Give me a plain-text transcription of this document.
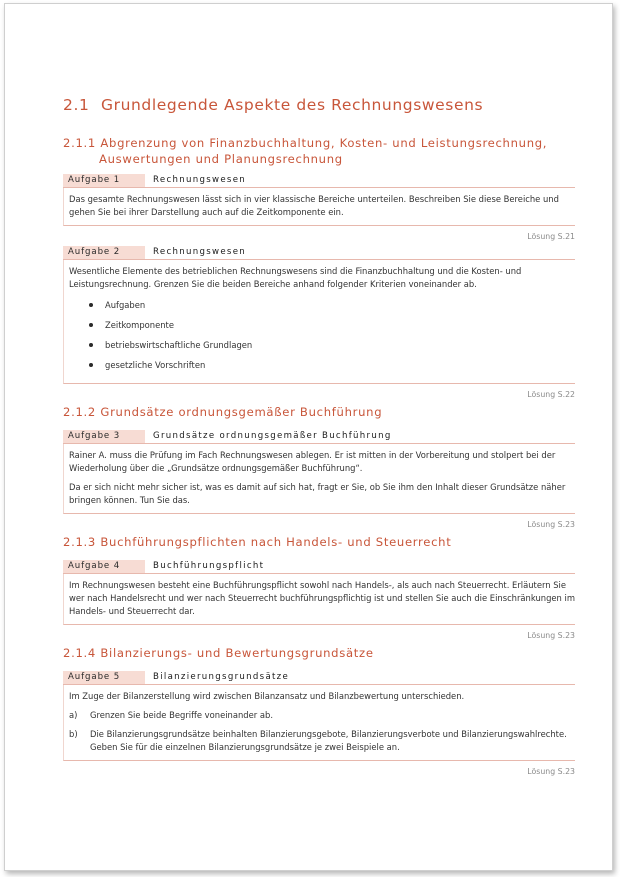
2.1 Grundlegende Aspekte des Rechnungswesens
2.1.1 Abgrenzung von Finanzbuchhaltung, Kosten- und Leistungsrechnung,
Auswertungen und Planungsrechnung
Aufgabe 1	Rechnungswesen

Das gesamte Rechnungswesen lässt sich in vier klassische Bereiche unterteilen. Beschreiben Sie diese Bereiche und gehen Sie bei ihrer Darstellung auch auf die Zeitkomponente ein.

Lösung S.21
Aufgabe 2	Rechnungswesen

Wesentliche Elemente des betrieblichen Rechnungswesens sind die Finanzbuchhaltung und die Kosten- und Leistungsrechnung. Grenzen Sie die beiden Bereiche anhand folgender Kriterien voneinander ab.

Aufgaben
Zeitkomponente
betriebswirtschaftliche Grundlagen
gesetzliche Vorschriften
Lösung S.22
2.1.2 Grundsätze ordnungsgemäßer Buchführung
Aufgabe 3	Grundsätze ordnungsgemäßer Buchführung

Rainer A. muss die Prüfung im Fach Rechnungswesen ablegen. Er ist mitten in der Vorbereitung und stolpert bei der Wiederholung über die „Grundsätze ordnungsgemäßer Buchführung“.

Da er sich nicht mehr sicher ist, was es damit auf sich hat, fragt er Sie, ob Sie ihm den Inhalt dieser Grundsätze näher bringen können. Tun Sie das.

Lösung S.23
2.1.3 Buchführungspflichten nach Handels- und Steuerrecht
Aufgabe 4	Buchführungspflicht

Im Rechnungswesen besteht eine Buchführungspflicht sowohl nach Handels-, als auch nach Steuerrecht. Erläutern Sie wer nach Handelsrecht und wer nach Steuerrecht buchführungspflichtig ist und stellen Sie auch die Einschränkungen im Handels- und Steuerrecht dar.

Lösung S.23
2.1.4 Bilanzierungs- und Bewertungsgrundsätze
Aufgabe 5	Bilanzierungsgrundsätze

Im Zuge der Bilanzerstellung wird zwischen Bilanzansatz und Bilanzbewertung unterschieden.

a)	Grenzen Sie beide Begriffe voneinander ab.
b)	Die Bilanzierungsgrundsätze beinhalten Bilanzierungsgebote, Bilanzierungsverbote und Bilanzierungswahlrechte. Geben Sie für die einzelnen Bilanzierungsgrundsätze je zwei Beispiele an.
Lösung S.23
